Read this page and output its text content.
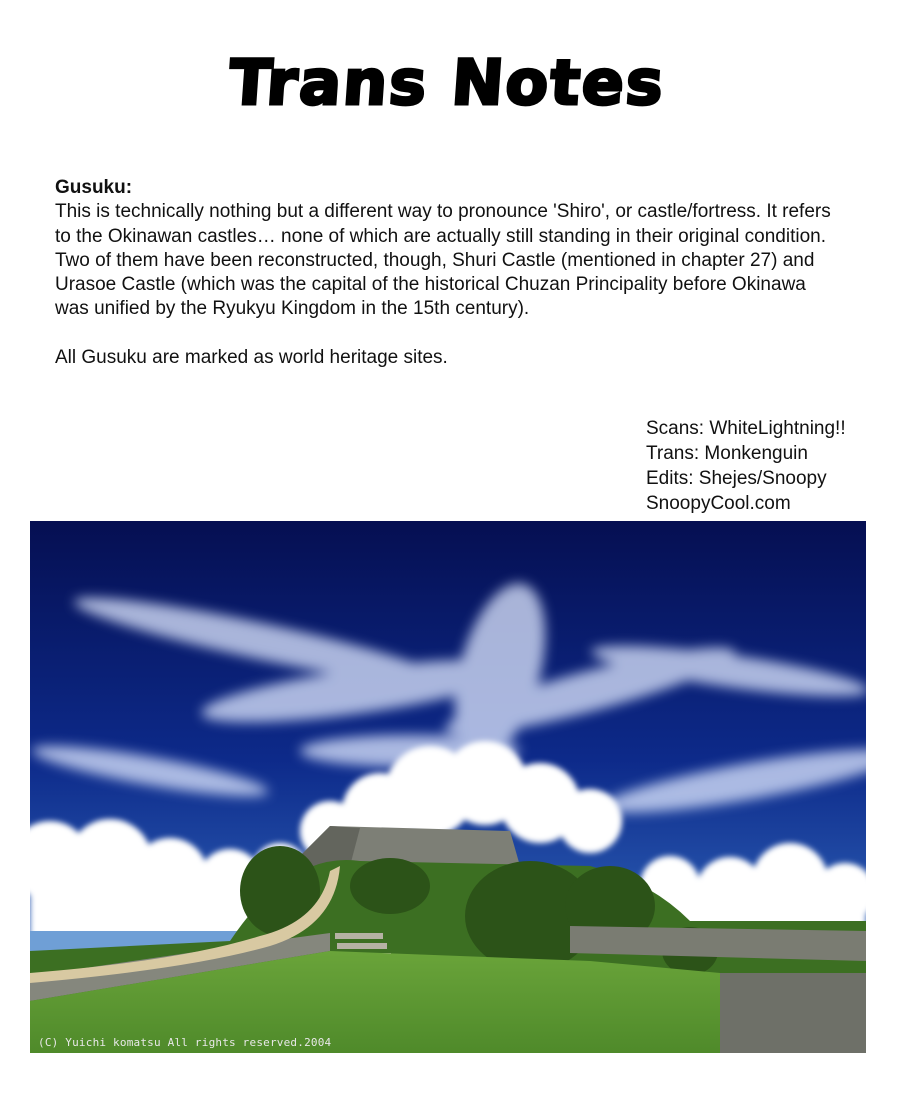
Trans Notes

Gusuku:

This is technically nothing but a different way to pronounce 'Shiro', or castle/fortress. It refers to the Okinawan castles… none of which are actually still standing in their original condition. Two of them have been reconstructed, though, Shuri Castle (mentioned in chapter 27) and Urasoe Castle (which was the capital of the historical Chuzan Principality before Okinawa was unified by the Ryukyu Kingdom in the 15th century).

All Gusuku are marked as world heritage sites.

Scans: WhiteLightning!!
Trans: Monkenguin
Edits: Shejes/Snoopy
SnoopyCool.com
(C) Yuichi komatsu All rights reserved.2004
